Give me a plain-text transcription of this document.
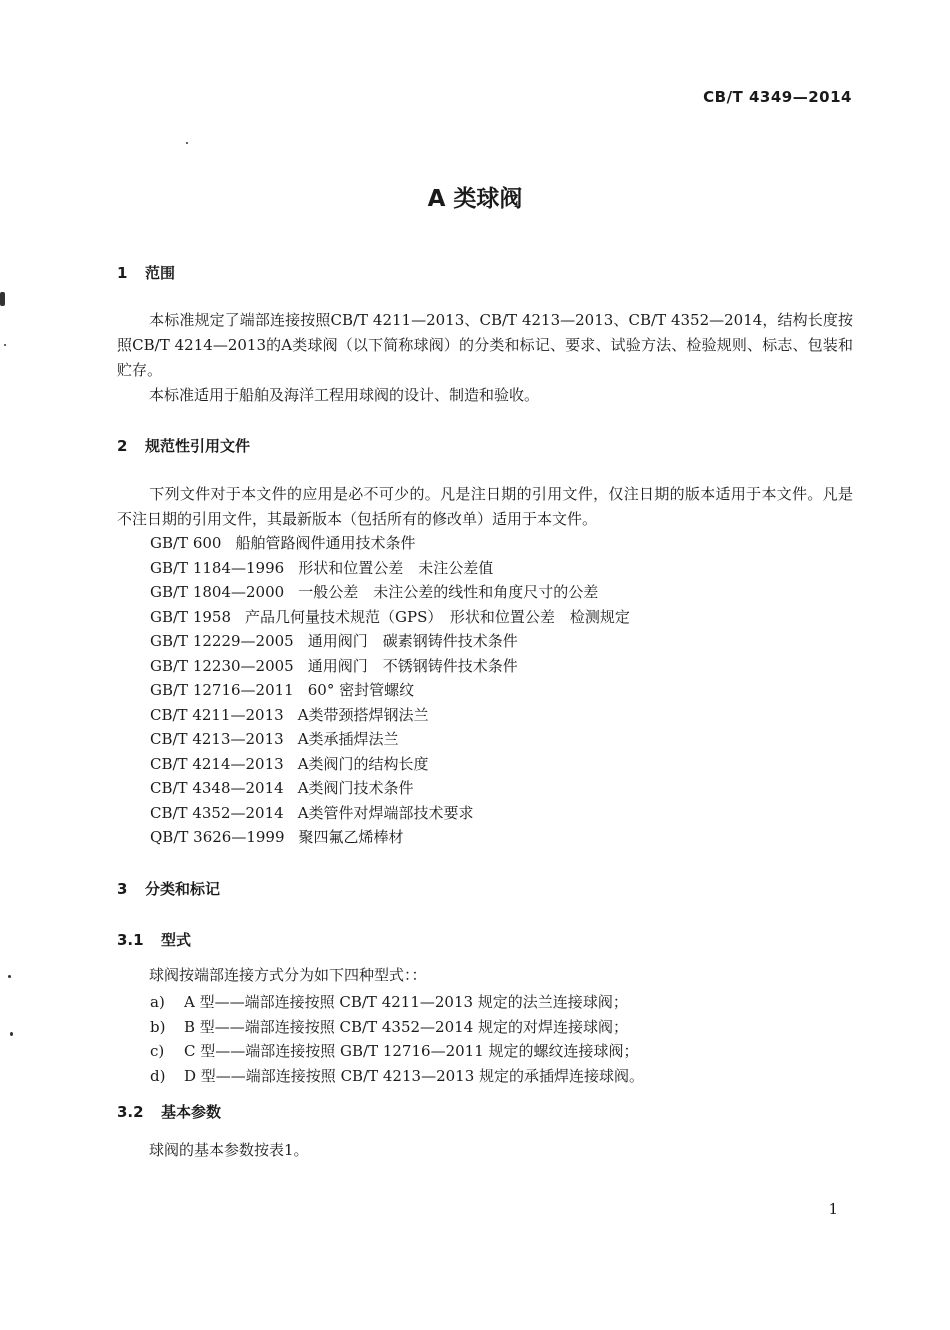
CB/T 4349—2014
A 类球阀
1 范围
本标准规定了端部连接按照CB/T 4211—2013、CB/T 4213—2013、CB/T 4352—2014，结构长度按照CB/T 4214—2013的A类球阀（以下简称球阀）的分类和标记、要求、试验方法、检验规则、标志、包装和贮存。
本标准适用于船舶及海洋工程用球阀的设计、制造和验收。
2 规范性引用文件
下列文件对于本文件的应用是必不可少的。凡是注日期的引用文件，仅注日期的版本适用于本文件。凡是不注日期的引用文件，其最新版本（包括所有的修改单）适用于本文件。
GB/T 600 船舶管路阀件通用技术条件
GB/T 1184—1996 形状和位置公差　未注公差值
GB/T 1804—2000 一般公差　未注公差的线性和角度尺寸的公差
GB/T 1958 产品几何量技术规范（GPS）　形状和位置公差　检测规定
GB/T 12229—2005 通用阀门　碳素钢铸件技术条件
GB/T 12230—2005 通用阀门　不锈钢铸件技术条件
GB/T 12716—2011 60° 密封管螺纹
CB/T 4211—2013 A类带颈搭焊钢法兰
CB/T 4213—2013 A类承插焊法兰
CB/T 4214—2013 A类阀门的结构长度
CB/T 4348—2014 A类阀门技术条件
CB/T 4352—2014 A类管件对焊端部技术要求
QB/T 3626—1999 聚四氟乙烯棒材
3 分类和标记
3.1 型式
球阀按端部连接方式分为如下四种型式：：
a) A 型——端部连接按照 CB/T 4211—2013 规定的法兰连接球阀；
b) B 型——端部连接按照 CB/T 4352—2014 规定的对焊连接球阀；
c) C 型——端部连接按照 GB/T 12716—2011 规定的螺纹连接球阀；
d) D 型——端部连接按照 CB/T 4213—2013 规定的承插焊连接球阀。
3.2 基本参数
球阀的基本参数按表1。
1
